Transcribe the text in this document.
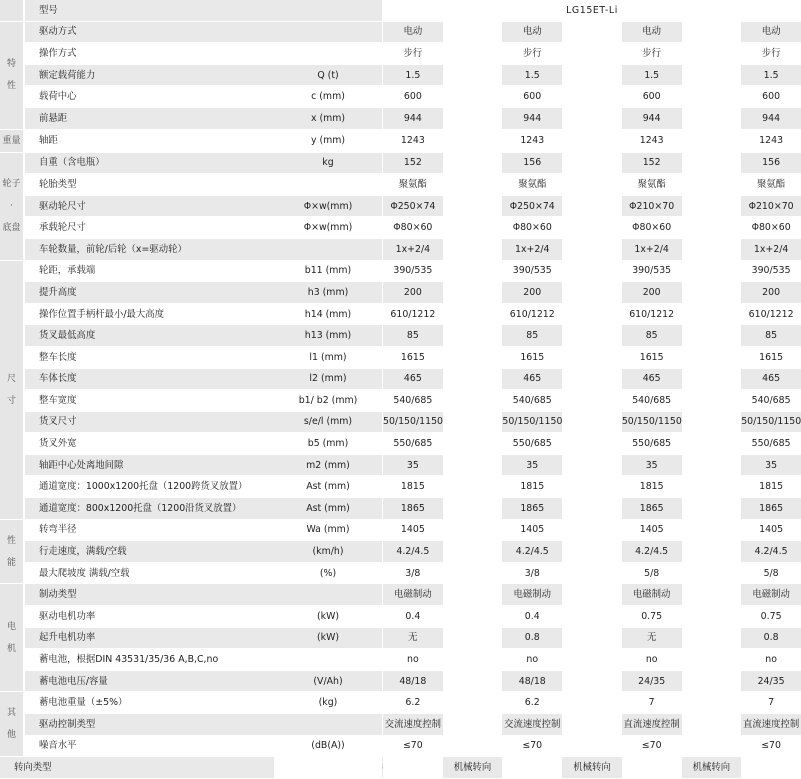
	型号			LG15ET-Li						
特
性	驱动方式			电动		电动		电动		电动
	操作方式			步行		步行		步行		步行
	额定载荷能力	Q (t)		1.5		1.5		1.5		1.5
	载荷中心	c (mm)		600		600		600		600
	前悬距	x (mm)		944		944		944		944
重量	轴距	y (mm)		1243		1243		1243		1243
轮子
·
底盘	自重（含电瓶）	kg		152		156		152		156
	轮胎类型			聚氨酯		聚氨酯		聚氨酯		聚氨酯
	驱动轮尺寸	Φ×w(mm)		Φ250×74		Φ250×74		Φ210×70		Φ210×70
	承载轮尺寸	Φ×w(mm)		Φ80×60		Φ80×60		Φ80×60		Φ80×60
	车轮数量，前轮/后轮（x=驱动轮）			1x+2/4		1x+2/4		1x+2/4		1x+2/4
尺
寸	轮距，承载端	b11 (mm)		390/535		390/535		390/535		390/535
	提升高度	h3 (mm)		200		200		200		200
	操作位置手柄杆最小/最大高度	h14 (mm)		610/1212		610/1212		610/1212		610/1212
	货叉最低高度	h13 (mm)		85		85		85		85
	整车长度	l1 (mm)		1615		1615		1615		1615
	车体长度	l2 (mm)		465		465		465		465
	整车宽度	b1/ b2 (mm)		540/685		540/685		540/685		540/685
	货叉尺寸	s/e/l (mm)		50/150/1150		50/150/1150		50/150/1150		50/150/1150
	货叉外宽	b5 (mm)		550/685		550/685		550/685		550/685
	轴距中心处离地间隙	m2 (mm)		35		35		35		35
	通道宽度：1000x1200托盘（1200跨货叉放置）	Ast (mm)		1815		1815		1815		1815
	通道宽度：800x1200托盘（1200沿货叉放置）	Ast (mm)		1865		1865		1865		1865
性
能	转弯半径	Wa (mm)		1405		1405		1405		1405
	行走速度，满载/空载	(km/h)		4.2/4.5		4.2/4.5		4.2/4.5		4.2/4.5
	最大爬坡度 满载/空载	(%)		3/8		3/8		5/8		5/8
电
机	制动类型			电磁制动		电磁制动		电磁制动		电磁制动
	驱动电机功率	(kW)		0.4		0.4		0.75		0.75
	起升电机功率	(kW)		无		0.8		无		0.8
	蓄电池，根据DIN 43531/35/36 A,B,C,no			no		no		no		no
	蓄电池电压/容量	(V/Ah)		48/18		48/18		24/35		24/35
其
他	蓄电池重量（±5%）	(kg)		6.2		6.2		7		7
	驱动控制类型			交流速度控制		交流速度控制		直流速度控制		直流速度控制
	噪音水平	(dB(A))		≤70		≤70		≤70		≤70
转向类型					机械转向		机械转向		机械转向	
